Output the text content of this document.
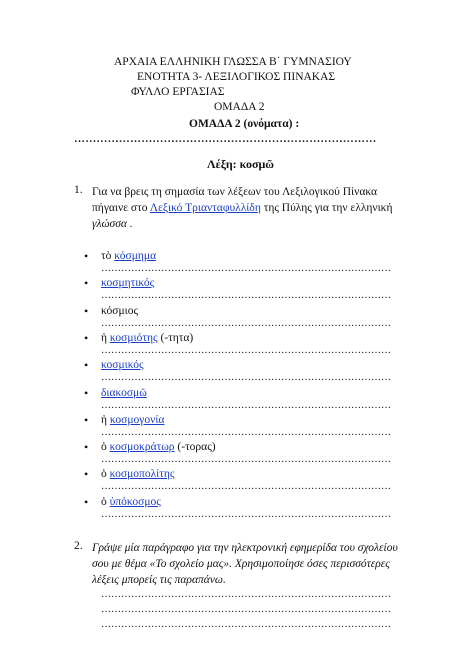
ΑΡΧΑΙΑ ΕΛΛΗΝΙΚΗ ΓΛΩΣΣΑ Β΄ ΓΥΜΝΑΣΙΟΥ
ΕΝΟΤΗΤΑ 3- ΛΕΞΙΛΟΓΙΚΟΣ ΠΙΝΑΚΑΣ
ΦΥΛΛΟ ΕΡΓΑΣΙΑΣ
ΟΜΑΔΑ 2
ΟΜΑΔΑ 2 (ονόματα) :
………………………………………………………………………
Λέξη: κοσμῶ
1. Για να βρεις τη σημασία των λέξεων του Λεξιλογικού Πίνακα
πήγαινε στο Λεξικό Τριανταφυλλίδη της Πύλης για την ελληνική
γλώσσα .
• τὸ κόσμημα
……………………………………………………………………………
• κοσμητικός
……………………………………………………………………………
• κόσμιος
……………………………………………………………………………
• ἡ κοσμιότης (-τητα)
……………………………………………………………………………
• κοσμικός
……………………………………………………………………………
• διακοσμῶ
……………………………………………………………………………
• ἡ κοσμογονία
……………………………………………………………………………
• ὁ κοσμοκράτωρ (-τορας)
……………………………………………………………………………
• ὁ κοσμοπολίτης
……………………………………………………………………………
• ὁ ὑπόκοσμος
……………………………………………………………………………
2. Γράψε μία παράγραφο για την ηλεκτρονική εφημερίδα του σχολείου
σου με θέμα «Το σχολείο μας». Χρησιμοποίησε όσες περισσότερες
λέξεις μπορείς τις παραπάνω.
……………………………………………………………………………
……………………………………………………………………………
……………………………………………………………………………
